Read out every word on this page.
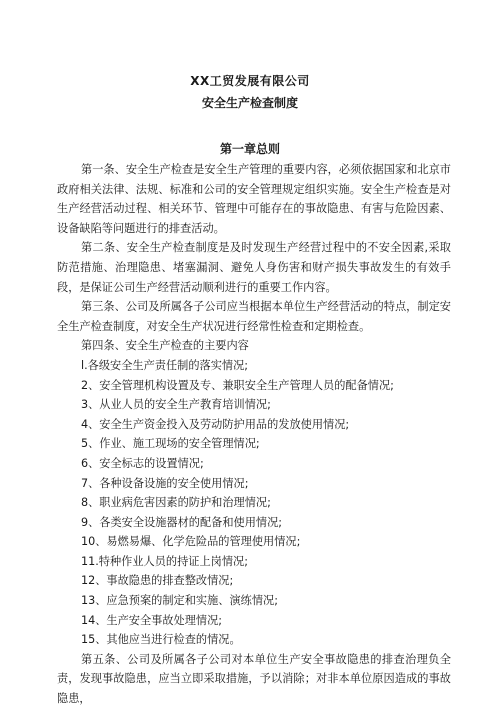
XX工贸发展有限公司
安全生产检查制度
第一章总则

第一条、安全生产检查是安全生产管理的重要内容，必须依据国家和北京市政府相关法律、法规、标准和公司的安全管理规定组织实施。安全生产检查是对生产经营活动过程、相关环节、管理中可能存在的事故隐患、有害与危险因素、设备缺陷等问题进行的排查活动。

第二条、安全生产检查制度是及时发现生产经营过程中的不安全因素,采取防范措施、治理隐患、堵塞漏洞、避免人身伤害和财产损失事故发生的有效手段，是保证公司生产经营活动顺利进行的重要工作内容。

第三条、公司及所属各子公司应当根据本单位生产经营活动的特点，制定安全生产检查制度，对安全生产状况进行经常性检查和定期检查。

第四条、安全生产检查的主要内容

l.各级安全生产责任制的落实情况;

2、安全管理机构设置及专、兼职安全生产管理人员的配备情况;

3、从业人员的安全生产教育培训情况;

4、安全生产资金投入及劳动防护用品的发放使用情况;

5、作业、施工现场的安全管理情况;

6、安全标志的设置情况;

7、各种设备设施的安全使用情况;

8、职业病危害因素的防护和治理情况;

9、各类安全设施器材的配备和使用情况;

10、易燃易爆、化学危险品的管理使用情况;

11.特种作业人员的持证上岗情况;

12、事故隐患的排查整改情况;

13、应急预案的制定和实施、演练情况;

14、生产安全事故处理情况;

15、其他应当进行检查的情况。

第五条、公司及所属各子公司对本单位生产安全事故隐患的排查治理负全责，发现事故隐患，应当立即采取措施，予以消除；对非本单位原因造成的事故隐患，
